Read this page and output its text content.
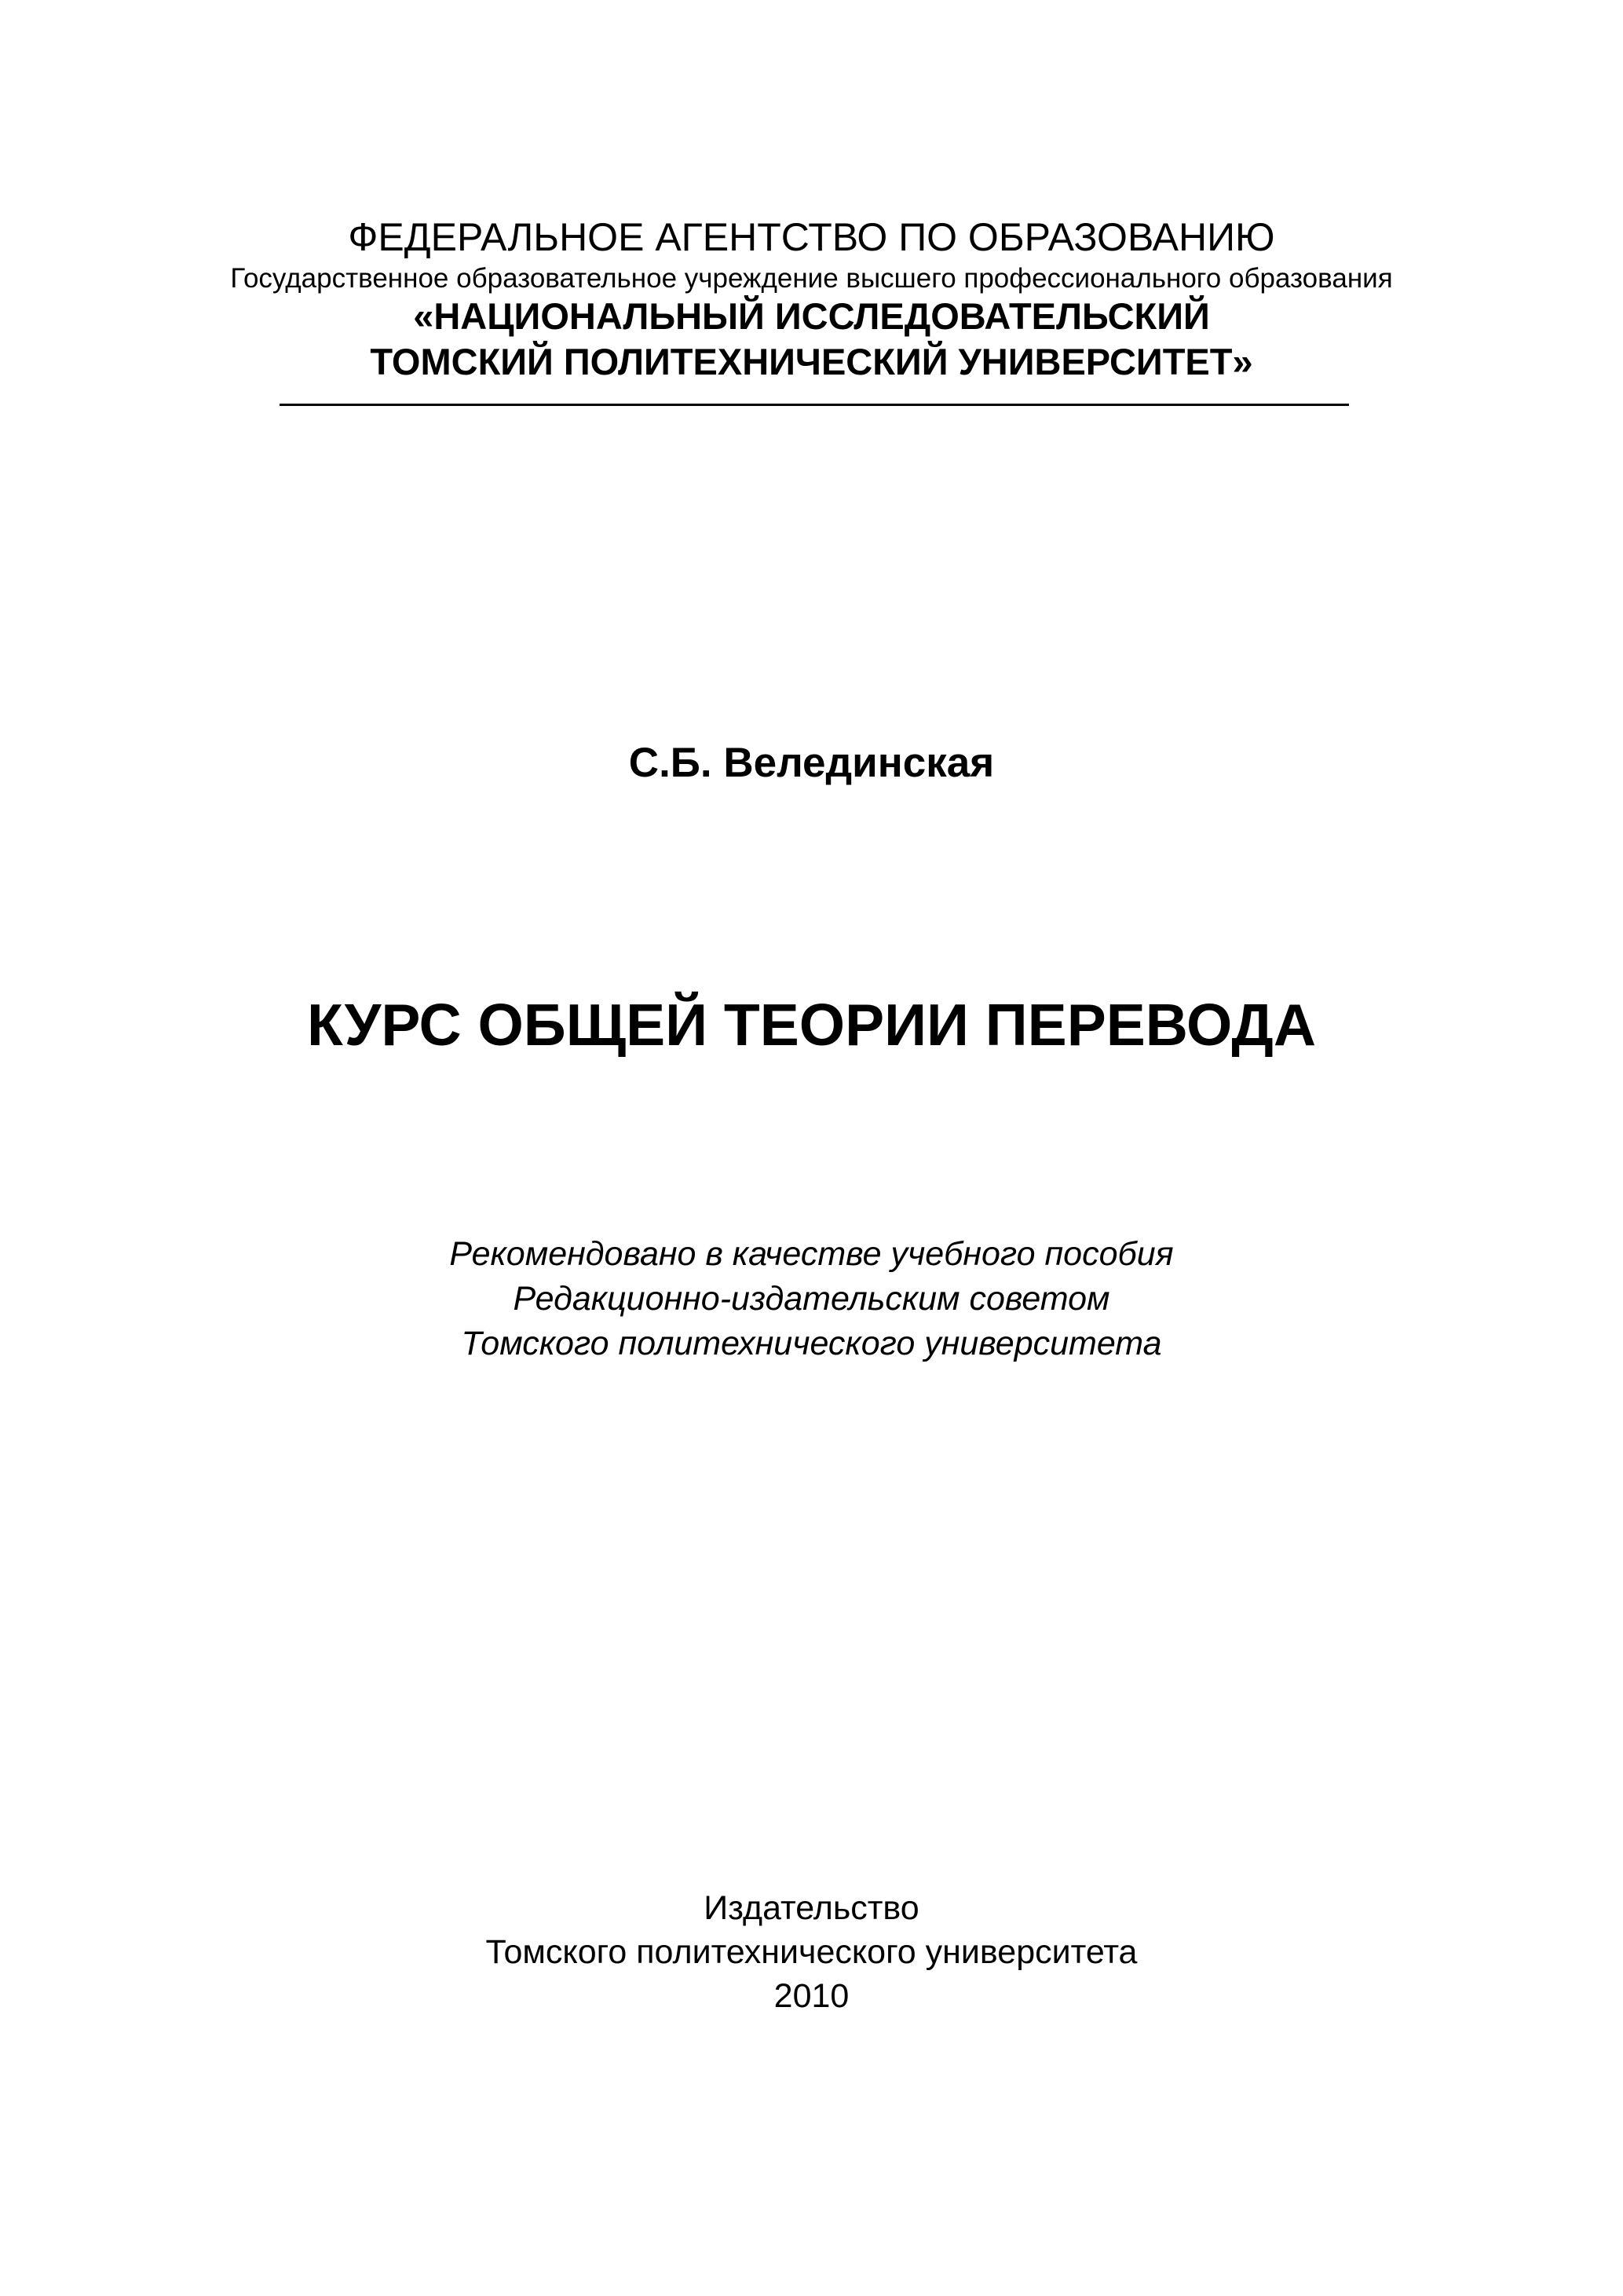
ФЕДЕРАЛЬНОЕ АГЕНТСТВО ПО ОБРАЗОВАНИЮ
Государственное образовательное учреждение высшего профессионального образования
«НАЦИОНАЛЬНЫЙ ИССЛЕДОВАТЕЛЬСКИЙ
ТОМСКИЙ ПОЛИТЕХНИЧЕСКИЙ УНИВЕРСИТЕТ»
С.Б. Вeлединская
КУРС ОБЩЕЙ ТЕОРИИ ПЕРЕВОДА
Рекомендовано в качестве учебного пособия
Редакционно-издательским советом
Томского политехнического университета
Издательство
Томского политехнического университета
2010
